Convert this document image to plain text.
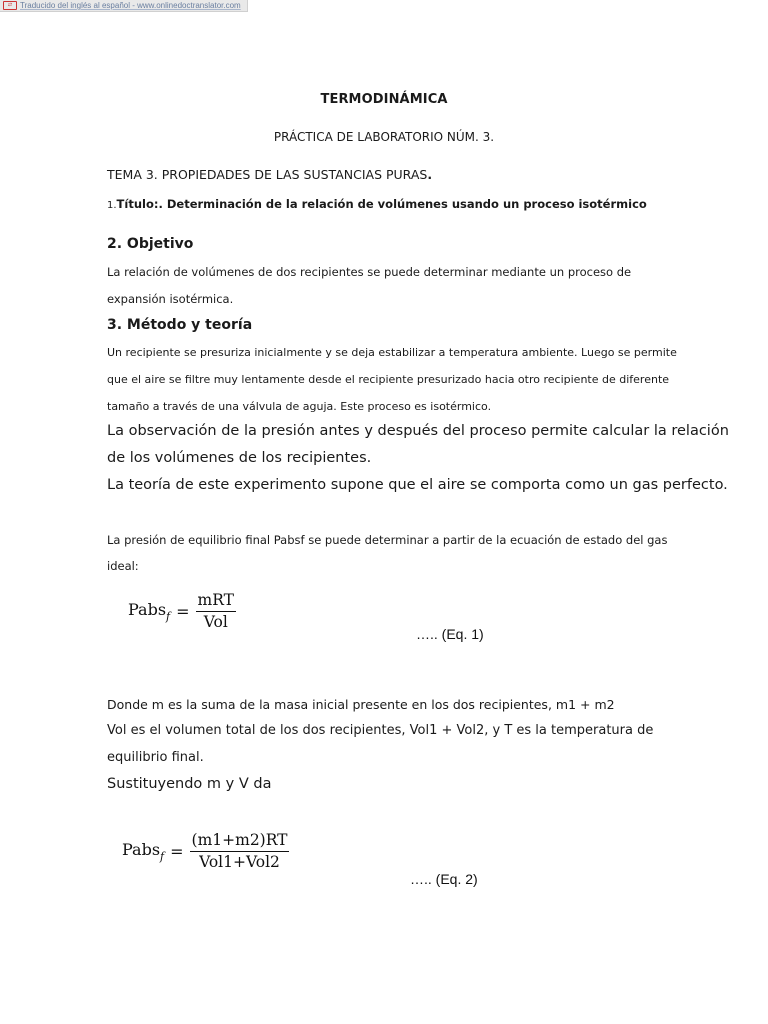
⇄ Traducido del inglés al español - www.onlinedoctranslator.com
TERMODINÁMICA
PRÁCTICA DE LABORATORIO NÚM. 3.
TEMA 3. PROPIEDADES DE LAS SUSTANCIAS PURAS.
1.Título:. Determinación de la relación de volúmenes usando un proceso isotérmico
2. Objetivo
La relación de volúmenes de dos recipientes se puede determinar mediante un proceso de
expansión isotérmica.
3. Método y teoría
Un recipiente se presuriza inicialmente y se deja estabilizar a temperatura ambiente. Luego se permite
que el aire se filtre muy lentamente desde el recipiente presurizado hacia otro recipiente de diferente
tamaño a través de una válvula de aguja. Este proceso es isotérmico.
La observación de la presión antes y después del proceso permite calcular la relación
de los volúmenes de los recipientes.
La teoría de este experimento supone que el aire se comporta como un gas perfecto.
La presión de equilibrio final Pabsf se puede determinar a partir de la ecuación de estado del gas
ideal:
Pabs$_f$ = $\frac{\text{mRT}}{\text{Vol}}$
….. (Eq. 1)
Donde m es la suma de la masa inicial presente en los dos recipientes, m1 + m2
Vol es el volumen total de los dos recipientes, Vol1 + Vol2, y T es la temperatura de
equilibrio final.
Sustituyendo m y V da
Pabs$_f$ = $\frac{(m1+m2)RT}{\text{Vol1+Vol2}}$
….. (Eq. 2)
